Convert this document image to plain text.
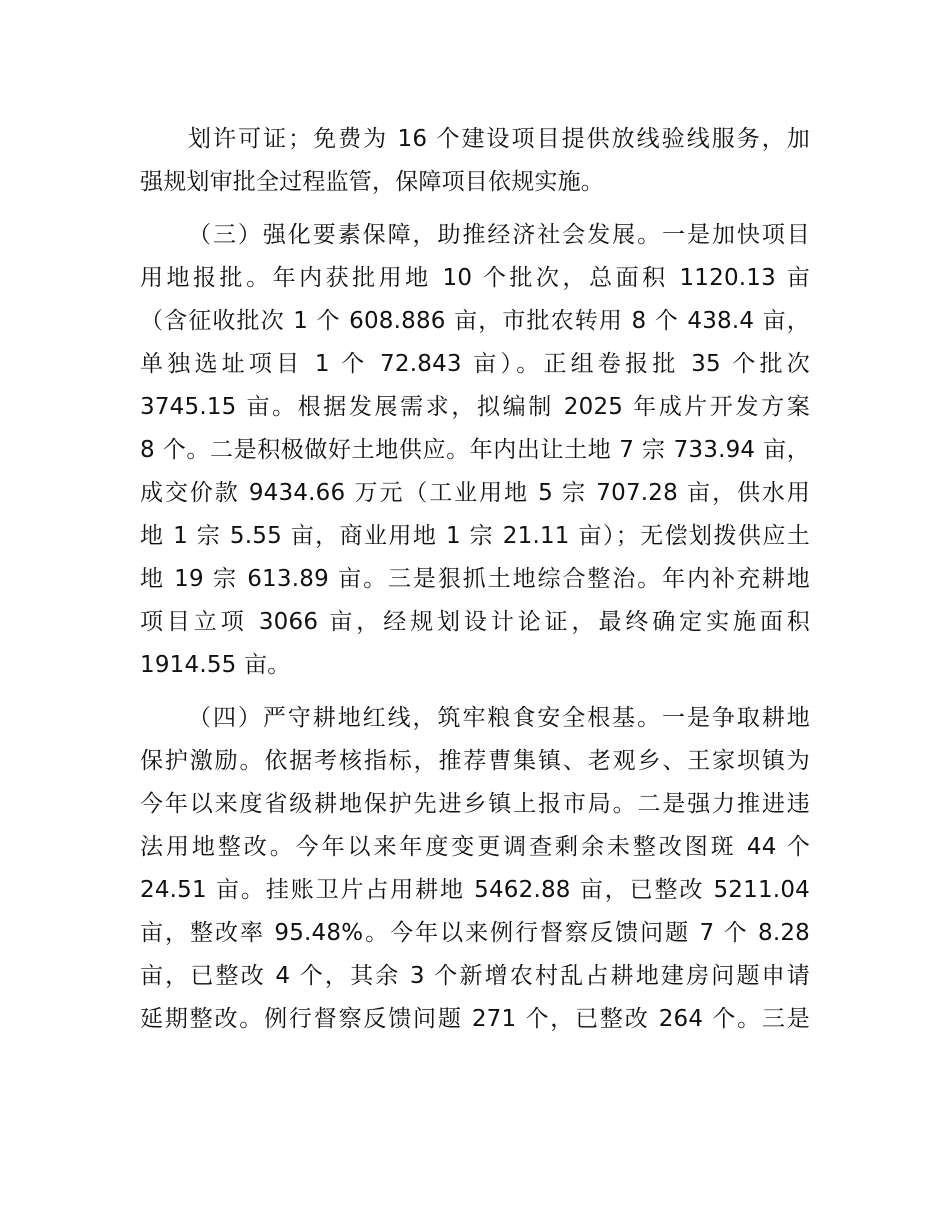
划许可证；免费为 16 个建设项目提供放线验线服务，加

强规划审批全过程监管，保障项目依规实施。

（三）强化要素保障，助推经济社会发展。一是加快项目

用地报批。年内获批用地 10 个批次，总面积 1120.13 亩

（含征收批次 1 个 608.886 亩，市批农转用 8 个 438.4 亩，

单独选址项目 1 个 72.843 亩）。正组卷报批 35 个批次

3745.15 亩。根据发展需求，拟编制 2025 年成片开发方案

8 个。二是积极做好土地供应。年内出让土地 7 宗 733.94 亩，

成交价款 9434.66 万元（工业用地 5 宗 707.28 亩，供水用

地 1 宗 5.55 亩，商业用地 1 宗 21.11 亩）；无偿划拨供应土

地 19 宗 613.89 亩。三是狠抓土地综合整治。年内补充耕地

项目立项 3066 亩，经规划设计论证，最终确定实施面积

1914.55 亩。

（四）严守耕地红线，筑牢粮食安全根基。一是争取耕地

保护激励。依据考核指标，推荐曹集镇、老观乡、王家坝镇为

今年以来度省级耕地保护先进乡镇上报市局。二是强力推进违

法用地整改。今年以来年度变更调查剩余未整改图斑 44 个

24.51 亩。挂账卫片占用耕地 5462.88 亩，已整改 5211.04

亩，整改率 95.48%。今年以来例行督察反馈问题 7 个 8.28

亩，已整改 4 个，其余 3 个新增农村乱占耕地建房问题申请

延期整改。例行督察反馈问题 271 个，已整改 264 个。三是
